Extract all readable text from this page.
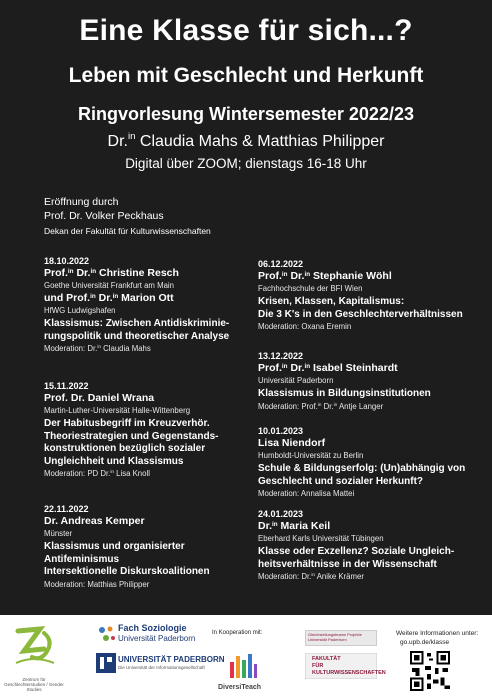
Eine Klasse für sich...?
Leben mit Geschlecht und Herkunft
Ringvorlesung Wintersemester 2022/23
Dr.$^{in}$ Claudia Mahs & Matthias Philipper
Digital über ZOOM; dienstags 16-18 Uhr
Eröffnung durch
Prof. Dr. Volker Peckhaus
Dekan der Fakultät für Kulturwissenschaften
18.10.2022
Prof.$^{in}$ Dr.$^{in}$ Christine Resch
Goethe Universität Frankfurt am Main
und Prof.$^{in}$ Dr.$^{in}$ Marion Ott
HfWG Ludwigshafen
Klassismus: Zwischen Antidiskriminie-
rungspolitik und theoretischer Analyse
Moderation: Dr.$^{in}$ Claudia Mahs
15.11.2022
Prof. Dr. Daniel Wrana
Martin-Luther-Universität Halle-Wittenberg
Der Habitusbegriff im Kreuzverhör.
Theoriestrategien und Gegenstands-
konstruktionen bezüglich sozialer
Ungleichheit und Klassismus
Moderation: PD Dr.$^{in}$ Lisa Knoll
22.11.2022
Dr. Andreas Kemper
Münster
Klassismus und organisierter
Antifeminismus
Intersektionelle Diskurskoalitionen
Moderation: Matthias Philipper
06.12.2022
Prof.$^{in}$ Dr.$^{in}$ Stephanie Wöhl
Fachhochschule der BFI Wien
Krisen, Klassen, Kapitalismus:
Die 3 K's in den Geschlechterverhältnissen
Moderation: Oxana Eremin
13.12.2022
Prof.$^{in}$ Dr.$^{in}$ Isabel Steinhardt
Universität Paderborn
Klassismus in Bildungsinstitutionen
Moderation: Prof.$^{in}$ Dr.$^{in}$ Antje Langer
10.01.2023
Lisa Niendorf
Humboldt-Universität zu Berlin
Schule & Bildungserfolg: (Un)abhängig von
Geschlecht und sozialer Herkunft?
Moderation: Annalisa Mattei
24.01.2023
Dr.$^{in}$ Maria Keil
Eberhard Karls Universität Tübingen
Klasse oder Exzellenz? Soziale Ungleich-
heitsverhältnisse in der Wissenschaft
Moderation: Dr.$^{in}$ Anike Krämer
Zentrum für Geschlechterstudien / Gender Studies
Fach Soziologie
Universität Paderborn
UNIVERSITÄT PADERBORN
Die Universität der Informationsgesellschaft
In Kooperation mit:
DiversiTeach
Gleichstellungsteams Projekte Universität Paderborn
FAKULTÄT
FÜR
KULTURWISSENSCHAFTEN
Weitere Informationen unter:
go.upb.de/klasse
